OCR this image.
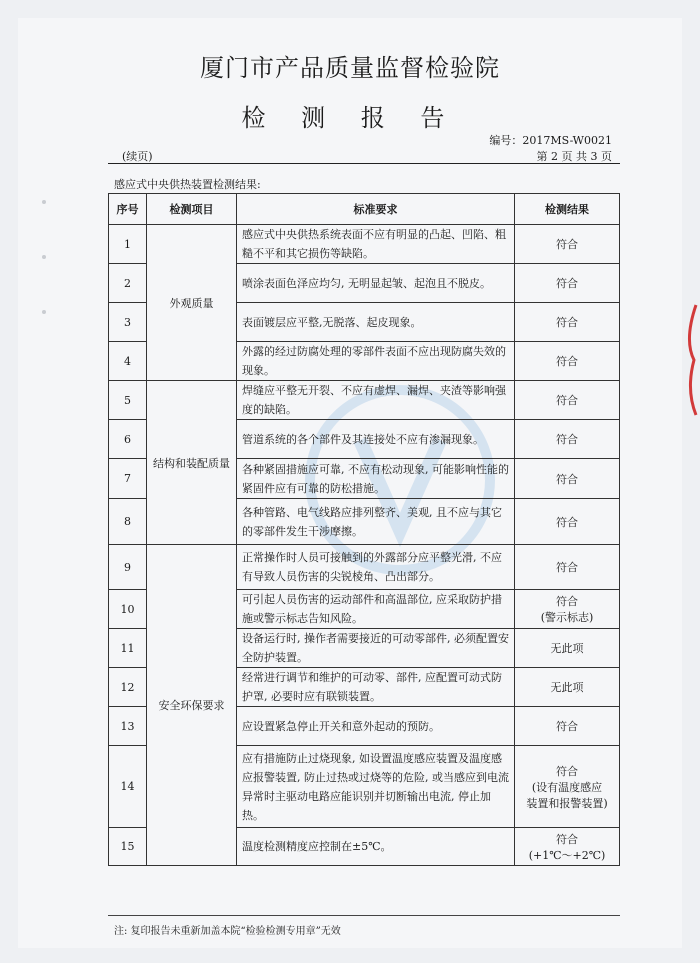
厦门市产品质量监督检验院
检 测 报 告
编号：2017MS-W0021
(续页)	第 2 页 共 3 页
感应式中央供热装置检测结果:
序号	检测项目	标准要求	检测结果
1	外观质量	感应式中央供热系统表面不应有明显的凸起、凹陷、粗糙不平和其它损伤等缺陷。	符合

2		喷涂表面色泽应均匀, 无明显起皱、起泡且不脱皮。	符合

3		表面镀层应平整,无脱落、起皮现象。	符合

4		外露的经过防腐处理的零部件表面不应出现防腐失效的现象。	符合

5	结构和装配质量	焊缝应平整无开裂、不应有虚焊、漏焊、夹渣等影响强度的缺陷。	符合

6		管道系统的各个部件及其连接处不应有渗漏现象。	符合

7		各种紧固措施应可靠, 不应有松动现象, 可能影响性能的紧固件应有可靠的防松措施。	符合

8		各种管路、电气线路应排列整齐、美观, 且不应与其它的零部件发生干涉摩擦。	符合

9	安全环保要求	正常操作时人员可接触到的外露部分应平整光滑, 不应有导致人员伤害的尖锐棱角、凸出部分。	符合

10		可引起人员伤害的运动部件和高温部位, 应采取防护措施或警示标志告知风险。	符合
(警示标志)

11		设备运行时, 操作者需要接近的可动零部件, 必须配置安全防护装置。	无此项

12		经常进行调节和维护的可动零、部件, 应配置可动式防护罩, 必要时应有联锁装置。	无此项

13		应设置紧急停止开关和意外起动的预防。	符合

14		应有措施防止过烧现象, 如设置温度感应装置及温度感应报警装置, 防止过热或过烧等的危险, 或当感应到电流异常时主驱动电路应能识别并切断输出电流, 停止加热。	符合
(设有温度感应
装置和报警装置)

15		温度检测精度应控制在±5℃。	符合
(+1℃～+2℃)
注: 复印报告未重新加盖本院“检验检测专用章”无效
